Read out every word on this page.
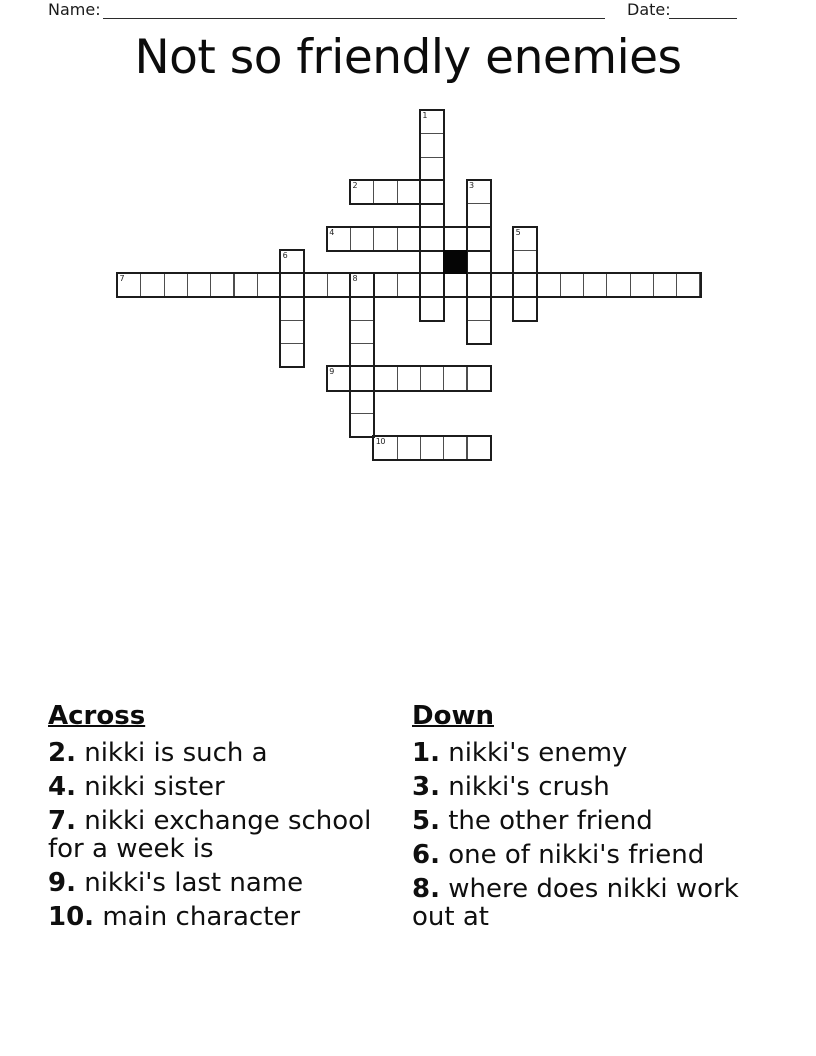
Name:	Date:
Not so friendly enemies
1
2	3
4	5
6
7	8
9
10
Across
2. nikki is such a
4. nikki sister
7. nikki exchange school for a week is
9. nikki's last name
10. main character
Down
1. nikki's enemy
3. nikki's crush
5. the other friend
6. one of nikki's friend
8. where does nikki work out at
